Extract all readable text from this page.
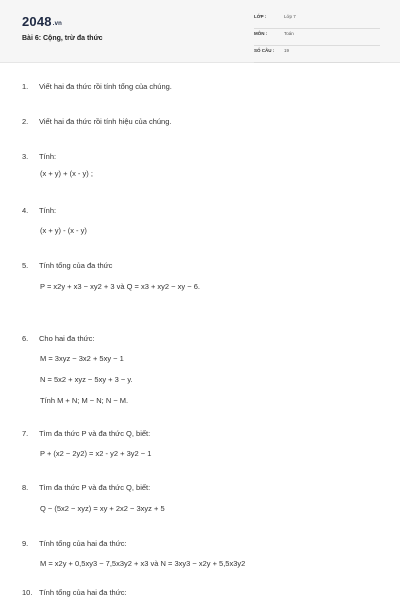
2048.vn
Bài 6: Cộng, trừ đa thức
LỚP :	Lớp 7
MÔN :	Toán
SỐ CÂU :	19
1.	Viết hai đa thức rồi tính tổng của chúng.
2.	Viết hai đa thức rồi tính hiệu của chúng.
3.	Tính:
(x + y) + (x - y) ;
4.	Tính:
(x + y) - (x - y)
5.	Tính tổng của đa thức
P = x2y + x3 − xy2 + 3 và Q = x3 + xy2 − xy − 6.
6.	Cho hai đa thức:
M = 3xyz − 3x2 + 5xy − 1
N = 5x2 + xyz − 5xy + 3 − y.
Tính M + N; M − N; N − M.
7.	Tìm đa thức P và đa thức Q, biết:
P + (x2 − 2y2) = x2 - y2 + 3y2 − 1
8.	Tìm đa thức P và đa thức Q, biết:
Q − (5x2 − xyz) = xy + 2x2 − 3xyz + 5
9.	Tính tổng của hai đa thức:
M = x2y + 0,5xy3 − 7,5x3y2 + x3 và N = 3xy3 − x2y + 5,5x3y2
10. Tính tổng của hai đa thức:
